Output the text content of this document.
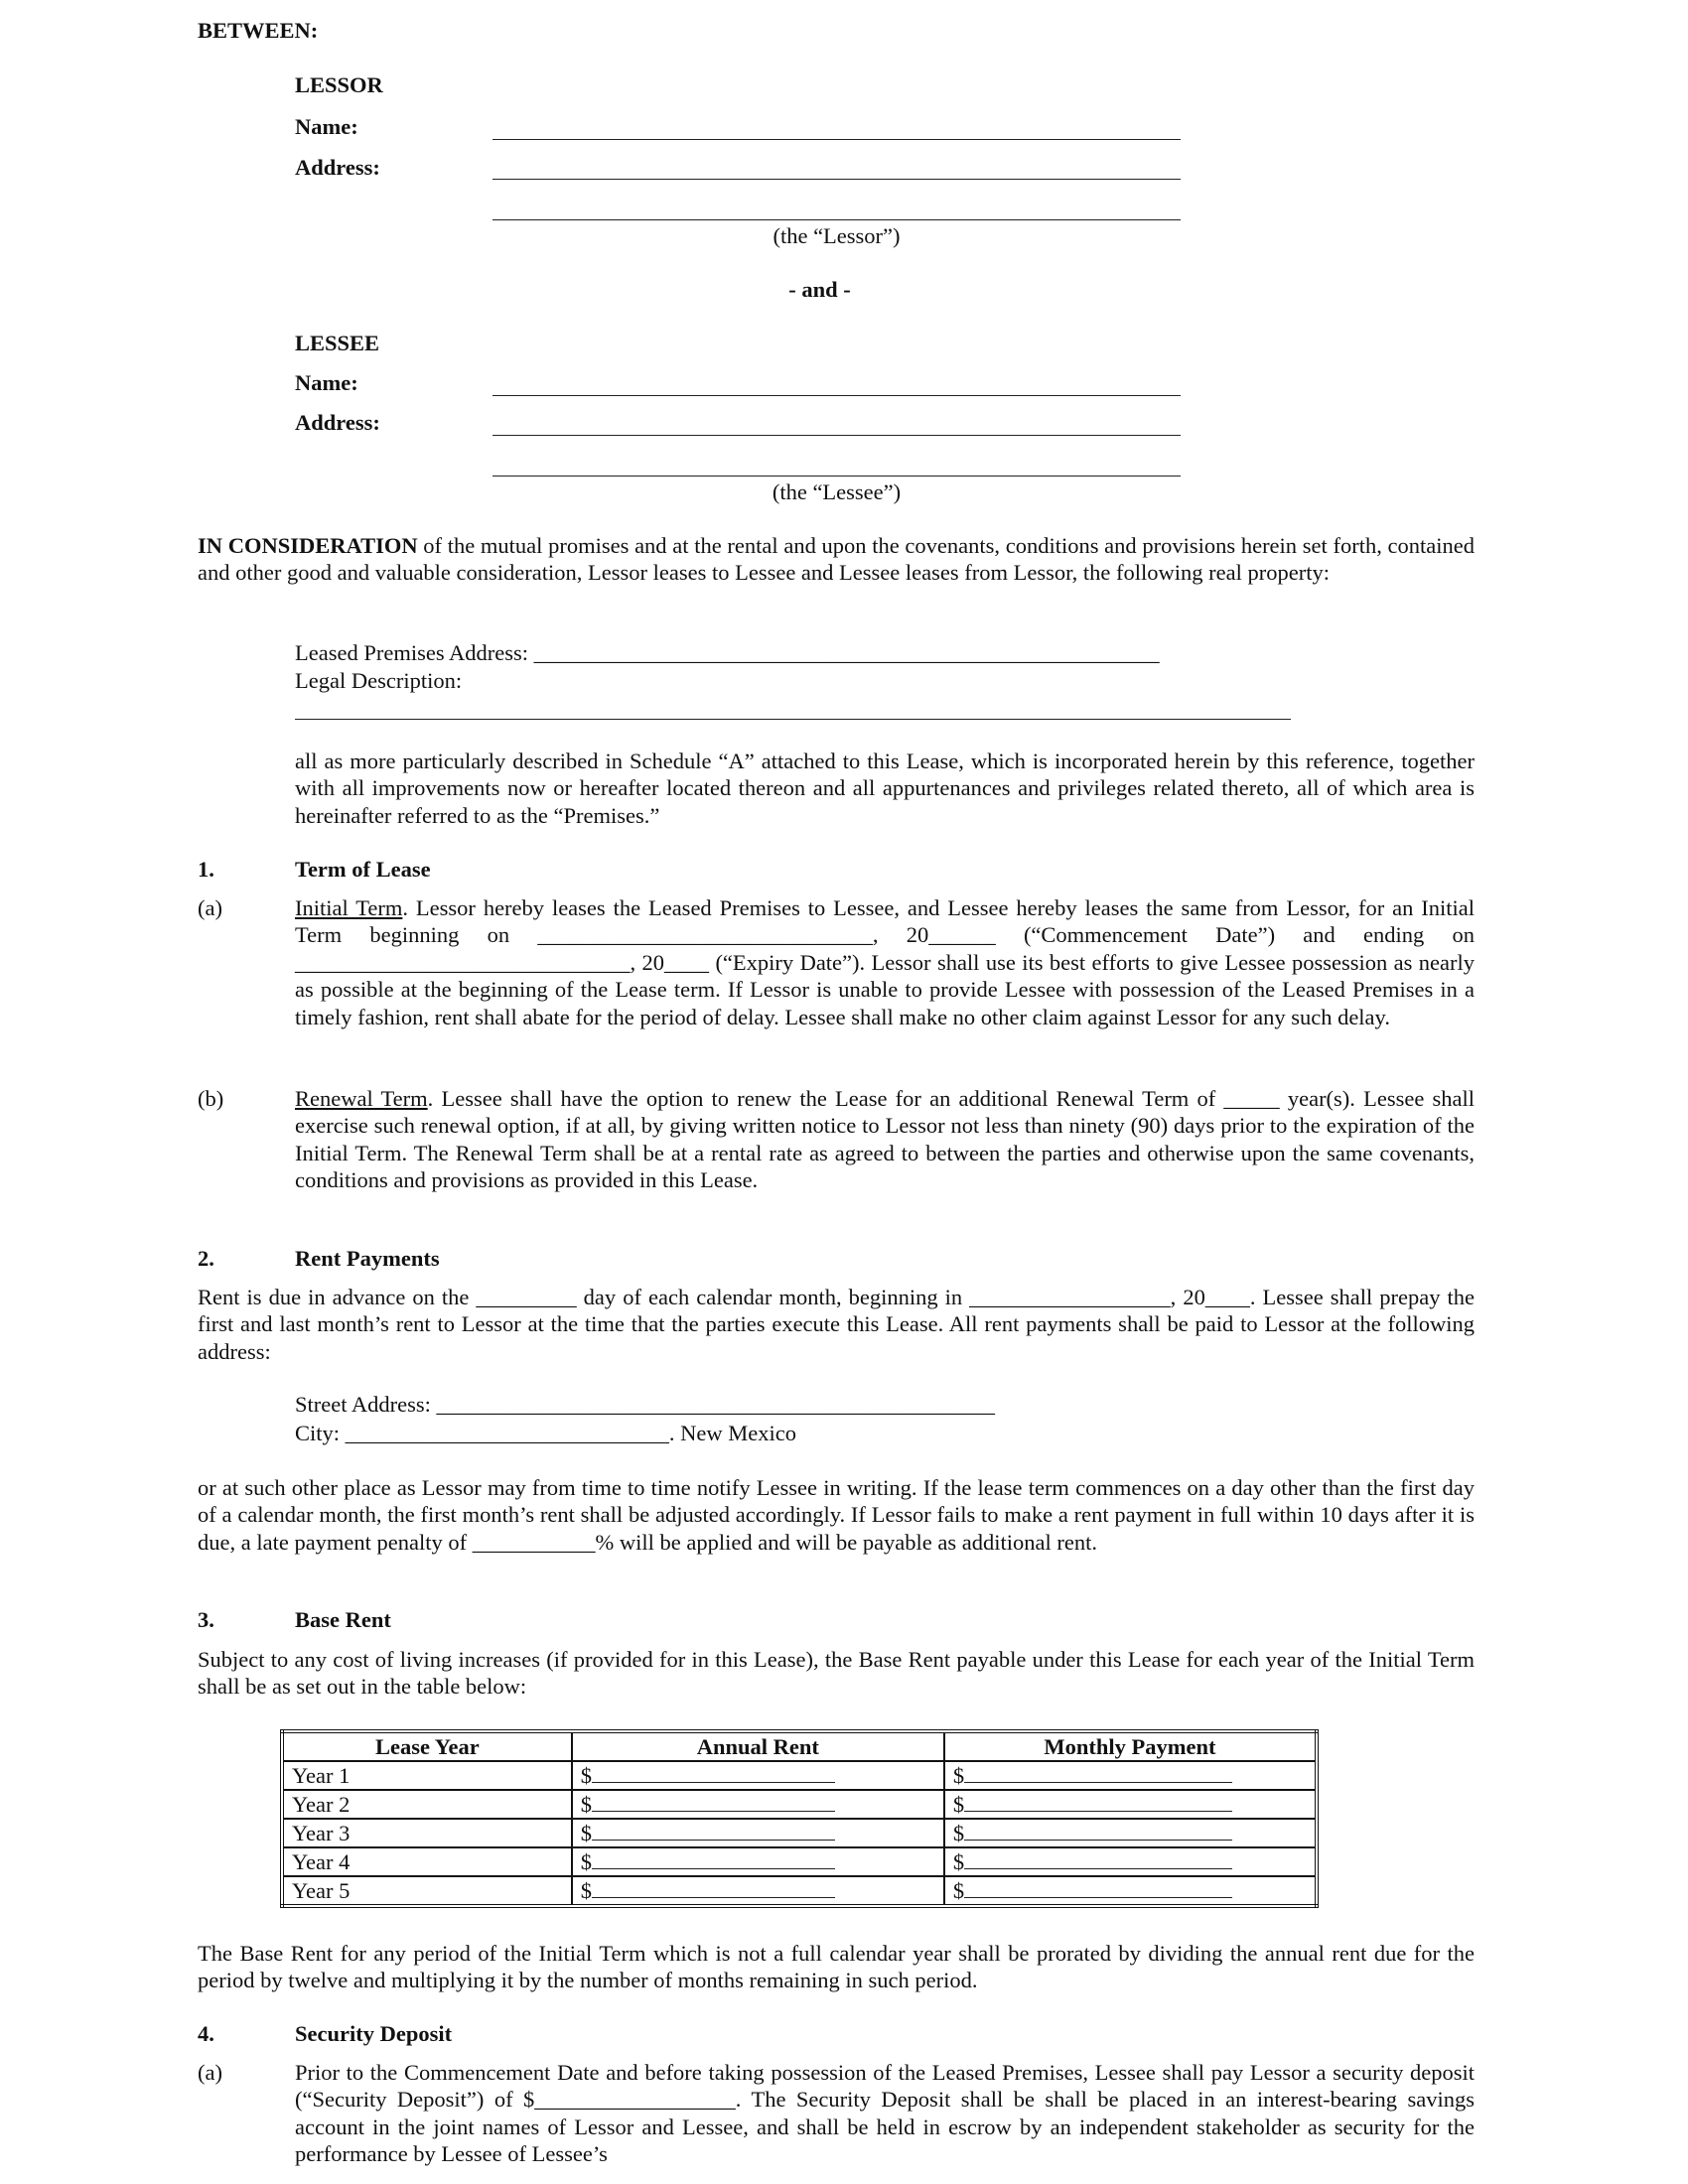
BETWEEN:
LESSOR
Name:
Address:
(the “Lessor”)
- and -
LESSEE
Name:
Address:
(the “Lessee”)
IN CONSIDERATION of the mutual promises and at the rental and upon the covenants, conditions and provisions herein set forth, contained and other good and valuable consideration, Lessor leases to Lessee and Lessee leases from Lessor, the following real property:
Leased Premises Address: ________________________________________________________
Legal Description:
all as more particularly described in Schedule “A” attached to this Lease, which is incorporated herein by this reference, together with all improvements now or hereafter located thereon and all appurtenances and privileges related thereto, all of which area is hereinafter referred to as the “Premises.”
1.	Term of Lease
(a)	Initial Term. Lessor hereby leases the Leased Premises to Lessee, and Lessee hereby leases the same from Lessor, for an Initial Term beginning on ______________________________, 20______ (“Commencement Date”) and ending on ______________________________, 20____ (“Expiry Date”). Lessor shall use its best efforts to give Lessee possession as nearly as possible at the beginning of the Lease term. If Lessor is unable to provide Lessee with possession of the Leased Premises in a timely fashion, rent shall abate for the period of delay. Lessee shall make no other claim against Lessor for any such delay.
(b)	Renewal Term. Lessee shall have the option to renew the Lease for an additional Renewal Term of _____ year(s). Lessee shall exercise such renewal option, if at all, by giving written notice to Lessor not less than ninety (90) days prior to the expiration of the Initial Term. The Renewal Term shall be at a rental rate as agreed to between the parties and otherwise upon the same covenants, conditions and provisions as provided in this Lease.
2.	Rent Payments
Rent is due in advance on the _________ day of each calendar month, beginning in __________________, 20____. Lessee shall prepay the first and last month’s rent to Lessor at the time that the parties execute this Lease. All rent payments shall be paid to Lessor at the following address:
Street Address: __________________________________________________
City: _____________________________. New Mexico
or at such other place as Lessor may from time to time notify Lessee in writing. If the lease term commences on a day other than the first day of a calendar month, the first month’s rent shall be adjusted accordingly. If Lessor fails to make a rent payment in full within 10 days after it is due, a late payment penalty of ___________% will be applied and will be payable as additional rent.
3.	Base Rent
Subject to any cost of living increases (if provided for in this Lease), the Base Rent payable under this Lease for each year of the Initial Term shall be as set out in the table below:
Lease Year	Annual Rent	Monthly Payment
Year 1	$	$
Year 2	$	$
Year 3	$	$
Year 4	$	$
Year 5	$	$
The Base Rent for any period of the Initial Term which is not a full calendar year shall be prorated by dividing the annual rent due for the period by twelve and multiplying it by the number of months remaining in such period.
4.	Security Deposit
(a)	Prior to the Commencement Date and before taking possession of the Leased Premises, Lessee shall pay Lessor a security deposit (“Security Deposit”) of $__________________. The Security Deposit shall be shall be placed in an interest-bearing savings account in the joint names of Lessor and Lessee, and shall be held in escrow by an independent stakeholder as security for the performance by Lessee of Lessee’s
